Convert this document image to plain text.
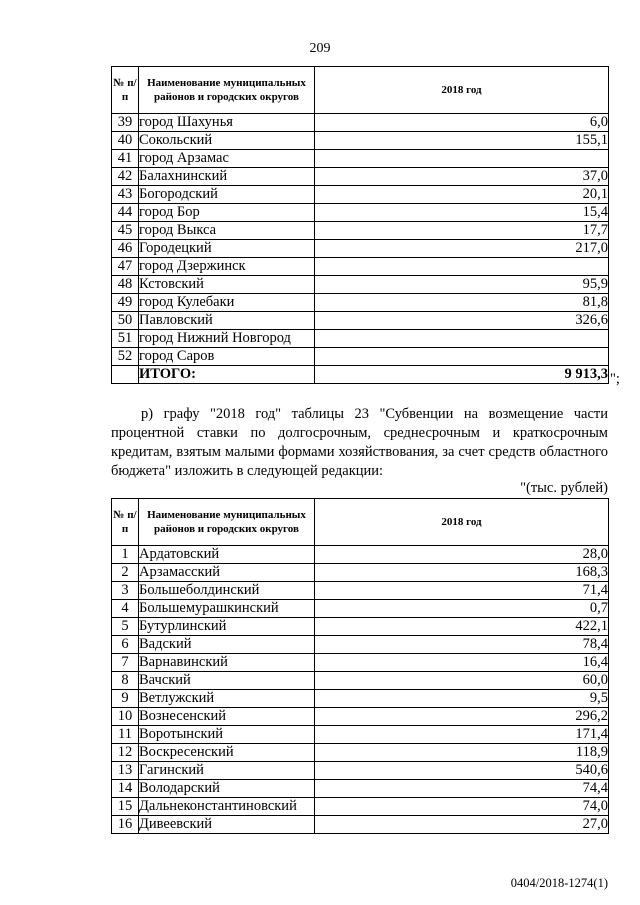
209
№ п/п	Наименование муниципальных районов и городских округов	2018 год
39	город Шахунья	6,0
40	Сокольский	155,1
41	город Арзамас	
42	Балахнинский	37,0
43	Богородский	20,1
44	город Бор	15,4
45	город Выкса	17,7
46	Городецкий	217,0
47	город Дзержинск	
48	Кстовский	95,9
49	город Кулебаки	81,8
50	Павловский	326,6
51	город Нижний Новгород	
52	город Саров	
	ИТОГО:	9 913,3 ";
р) графу "2018 год" таблицы 23 "Субвенции на возмещение части процентной ставки по долгосрочным, среднесрочным и краткосрочным кредитам, взятым малыми формами хозяйствования, за счет средств областного бюджета" изложить в следующей редакции:
"(тыс. рублей)
№ п/п	Наименование муниципальных районов и городских округов	2018 год
1	Ардатовский	28,0
2	Арзамасский	168,3
3	Большеболдинский	71,4
4	Большемурашкинский	0,7
5	Бутурлинский	422,1
6	Вадский	78,4
7	Варнавинский	16,4
8	Вачский	60,0
9	Ветлужский	9,5
10	Вознесенский	296,2
11	Воротынский	171,4
12	Воскресенский	118,9
13	Гагинский	540,6
14	Володарский	74,4
15	Дальнеконстантиновский	74,0
16	Дивеевский	27,0
0404/2018-1274(1)
